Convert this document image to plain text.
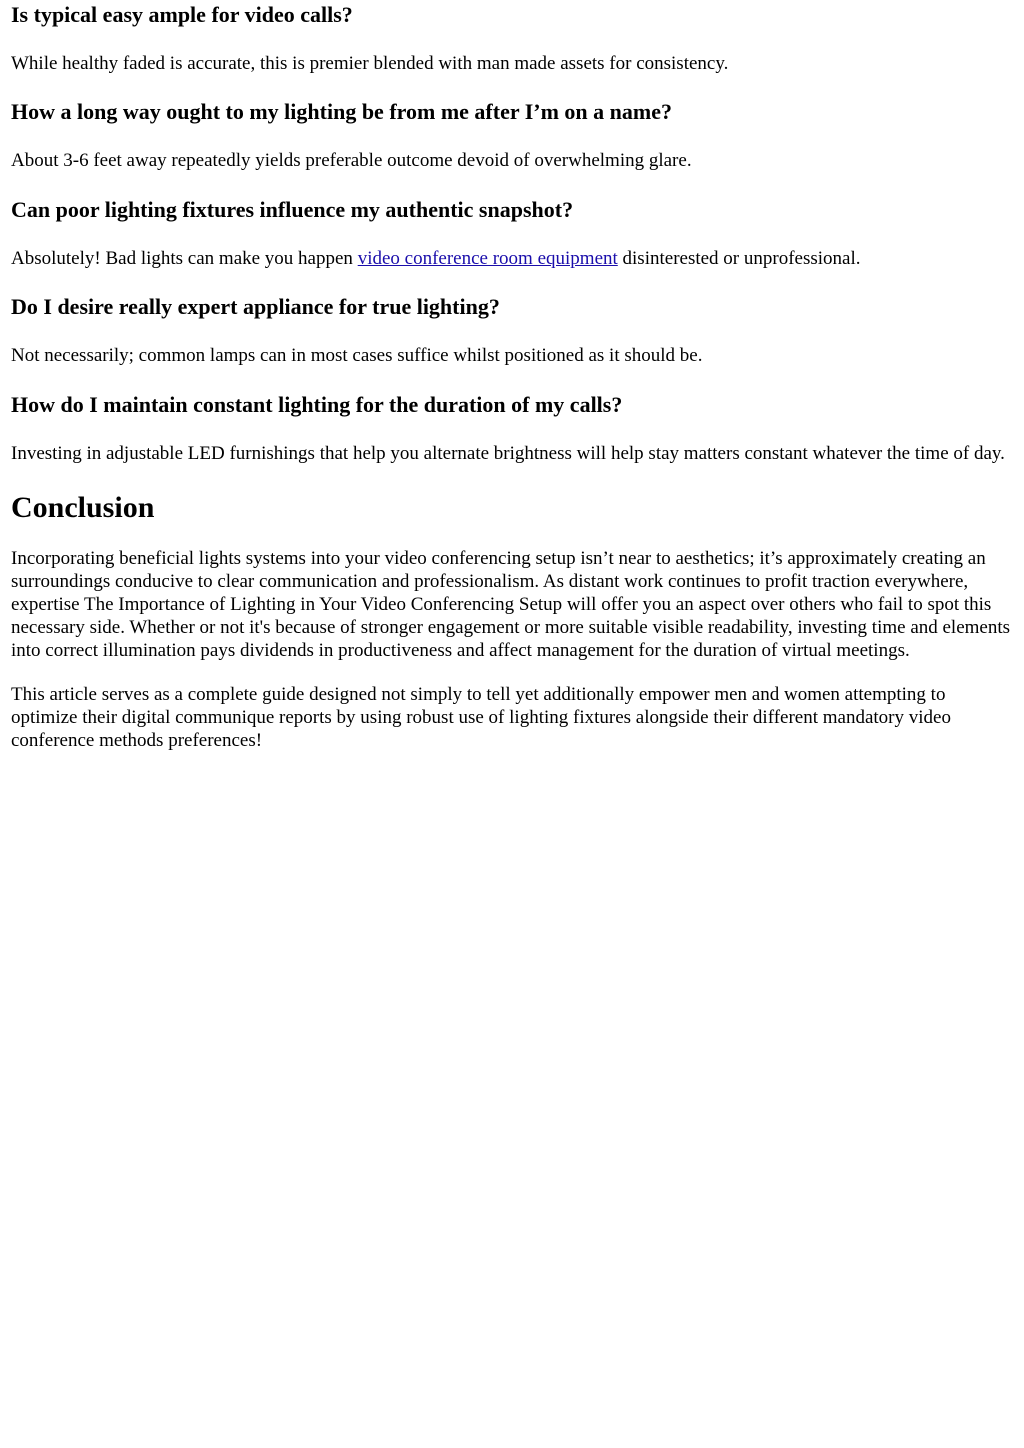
Is typical easy ample for video calls?

While healthy faded is accurate, this is premier blended with man made assets for consistency.

How a long way ought to my lighting be from me after I’m on a name?

About 3-6 feet away repeatedly yields preferable outcome devoid of overwhelming glare.

Can poor lighting fixtures influence my authentic snapshot?

Absolutely! Bad lights can make you happen video conference room equipment disinterested or unprofessional.

Do I desire really expert appliance for true lighting?

Not necessarily; common lamps can in most cases suffice whilst positioned as it should be.

How do I maintain constant lighting for the duration of my calls?

Investing in adjustable LED furnishings that help you alternate brightness will help stay matters constant whatever the time of day.

Conclusion

Incorporating beneficial lights systems into your video conferencing setup isn’t near to aesthetics; it’s approximately creating an surroundings conducive to clear communication and professionalism. As distant work continues to profit traction everywhere, expertise The Importance of Lighting in Your Video Conferencing Setup will offer you an aspect over others who fail to spot this necessary side. Whether or not it's because of stronger engagement or more suitable visible readability, investing time and elements into correct illumination pays dividends in productiveness and affect management for the duration of virtual meetings.

This article serves as a complete guide designed not simply to tell yet additionally empower men and women attempting to optimize their digital communique reports by using robust use of lighting fixtures alongside their different mandatory video conference methods preferences!
